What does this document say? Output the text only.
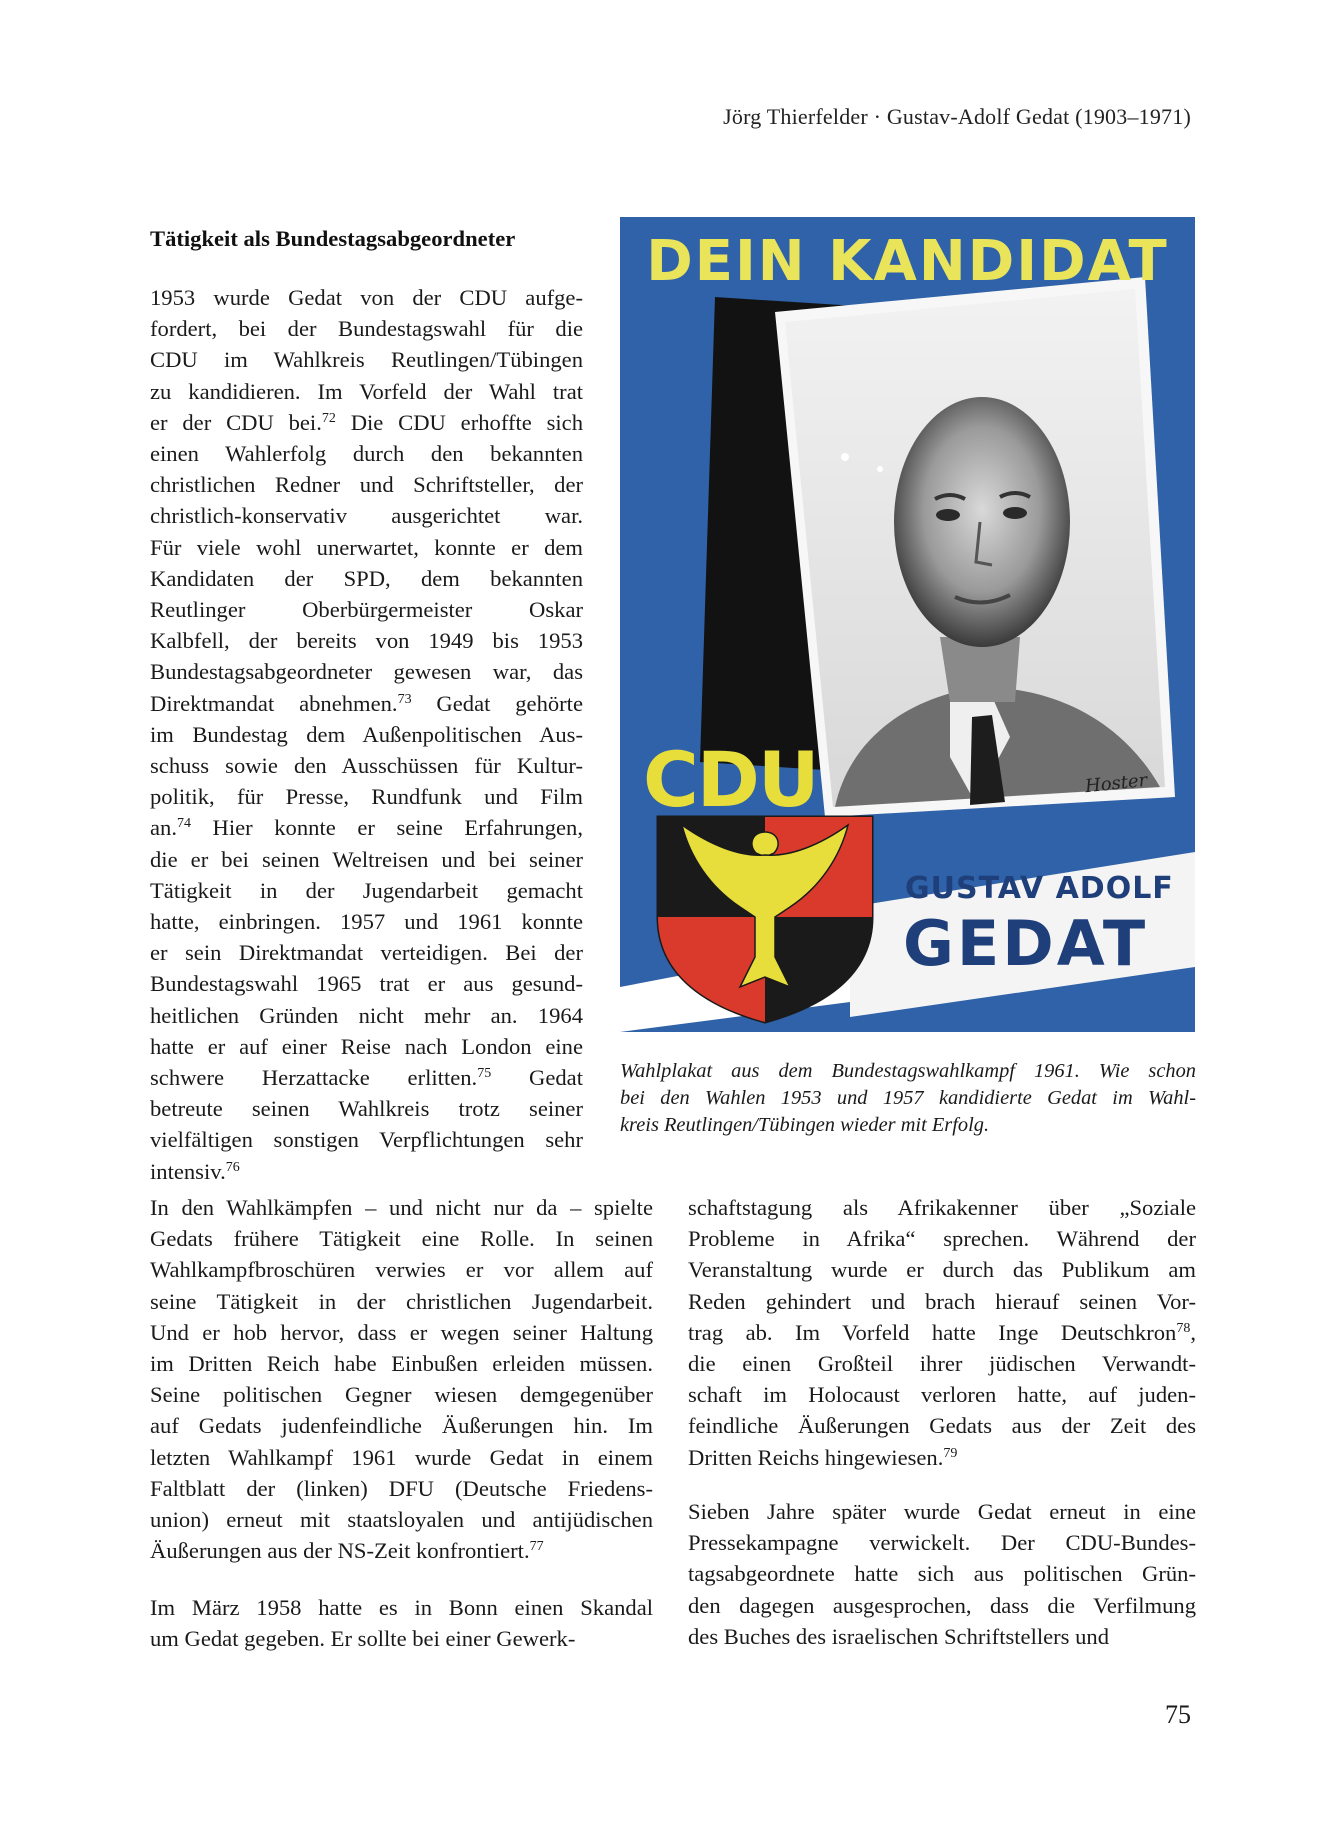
Jörg Thierfelder · Gustav-Adolf Gedat (1903–1971)
Tätigkeit als Bundestagsabgeordneter
1953 wurde Gedat von der CDU aufge-
fordert, bei der Bundestagswahl für die
CDU im Wahlkreis Reutlingen/Tübingen
zu kandidieren. Im Vorfeld der Wahl trat
er der CDU bei.$^{72}$ Die CDU erhoffte sich
einen Wahlerfolg durch den bekannten
christlichen Redner und Schriftsteller, der
christlich-konservativ ausgerichtet war.
Für viele wohl unerwartet, konnte er dem
Kandidaten der SPD, dem bekannten
Reutlinger Oberbürgermeister Oskar
Kalbfell, der bereits von 1949 bis 1953
Bundestagsabgeordneter gewesen war, das
Direktmandat abnehmen.$^{73}$ Gedat gehörte
im Bundestag dem Außenpolitischen Aus-
schuss sowie den Ausschüssen für Kultur-
politik, für Presse, Rundfunk und Film
an.$^{74}$ Hier konnte er seine Erfahrungen,
die er bei seinen Weltreisen und bei seiner
Tätigkeit in der Jugendarbeit gemacht
hatte, einbringen. 1957 und 1961 konnte
er sein Direktmandat verteidigen. Bei der
Bundestagswahl 1965 trat er aus gesund-
heitlichen Gründen nicht mehr an. 1964
hatte er auf einer Reise nach London eine
schwere Herzattacke erlitten.$^{75}$ Gedat
betreute seinen Wahlkreis trotz seiner
vielfältigen sonstigen Verpflichtungen sehr
intensiv.$^{76}$
DEIN KANDIDAT
CDU	Hoster
GUSTAV ADOLF
GEDAT
Wahlplakat aus dem Bundestagswahlkampf 1961. Wie schon
bei den Wahlen 1953 und 1957 kandidierte Gedat im Wahl-
kreis Reutlingen/Tübingen wieder mit Erfolg.
In den Wahlkämpfen – und nicht nur da – spielte
Gedats frühere Tätigkeit eine Rolle. In seinen
Wahlkampfbroschüren verwies er vor allem auf
seine Tätigkeit in der christlichen Jugendarbeit.
Und er hob hervor, dass er wegen seiner Haltung
im Dritten Reich habe Einbußen erleiden müssen.
Seine politischen Gegner wiesen demgegenüber
auf Gedats judenfeindliche Äußerungen hin. Im
letzten Wahlkampf 1961 wurde Gedat in einem
Faltblatt der (linken) DFU (Deutsche Friedens-
union) erneut mit staatsloyalen und antijüdischen
Äußerungen aus der NS-Zeit konfrontiert.$^{77}$
Im März 1958 hatte es in Bonn einen Skandal
um Gedat gegeben. Er sollte bei einer Gewerk-
schaftstagung als Afrikakenner über „Soziale
Probleme in Afrika“ sprechen. Während der
Veranstaltung wurde er durch das Publikum am
Reden gehindert und brach hierauf seinen Vor-
trag ab. Im Vorfeld hatte Inge Deutschkron$^{78}$,
die einen Großteil ihrer jüdischen Verwandt-
schaft im Holocaust verloren hatte, auf juden-
feindliche Äußerungen Gedats aus der Zeit des
Dritten Reichs hingewiesen.$^{79}$
Sieben Jahre später wurde Gedat erneut in eine
Pressekampagne verwickelt. Der CDU-Bundes-
tagsabgeordnete hatte sich aus politischen Grün-
den dagegen ausgesprochen, dass die Verfilmung
des Buches des israelischen Schriftstellers und
75
